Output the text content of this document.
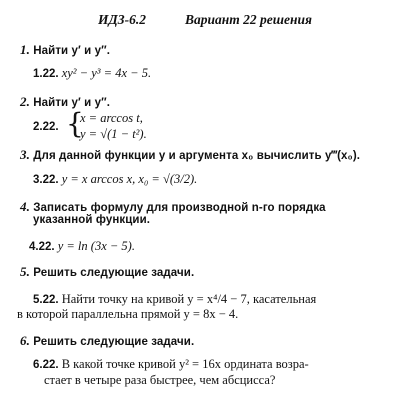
ИДЗ-6.2	Вариант 22 решения
1. Найти y′ и y″.
1.22. xy² − y³ = 4x − 5.
2. Найти y′ и y″.
2.22. {
x = arccos t,
y = √(1 − t²).
3. Для данной функции y и аргумента x₀ вычислить y‴(x₀).
3.22. y = x arccos x, x₀ = √(3/2).
4. Записать формулу для производной n-го порядка
указанной функции.
4.22. y = ln (3x − 5).
5. Решить следующие задачи.
5.22. Найти точку на кривой y = x⁴/4 − 7, касательная
в которой параллельна прямой y = 8x − 4.
6. Решить следующие задачи.
6.22. В какой точке кривой y² = 16x ордината возра-
стает в четыре раза быстрее, чем абсцисса?
